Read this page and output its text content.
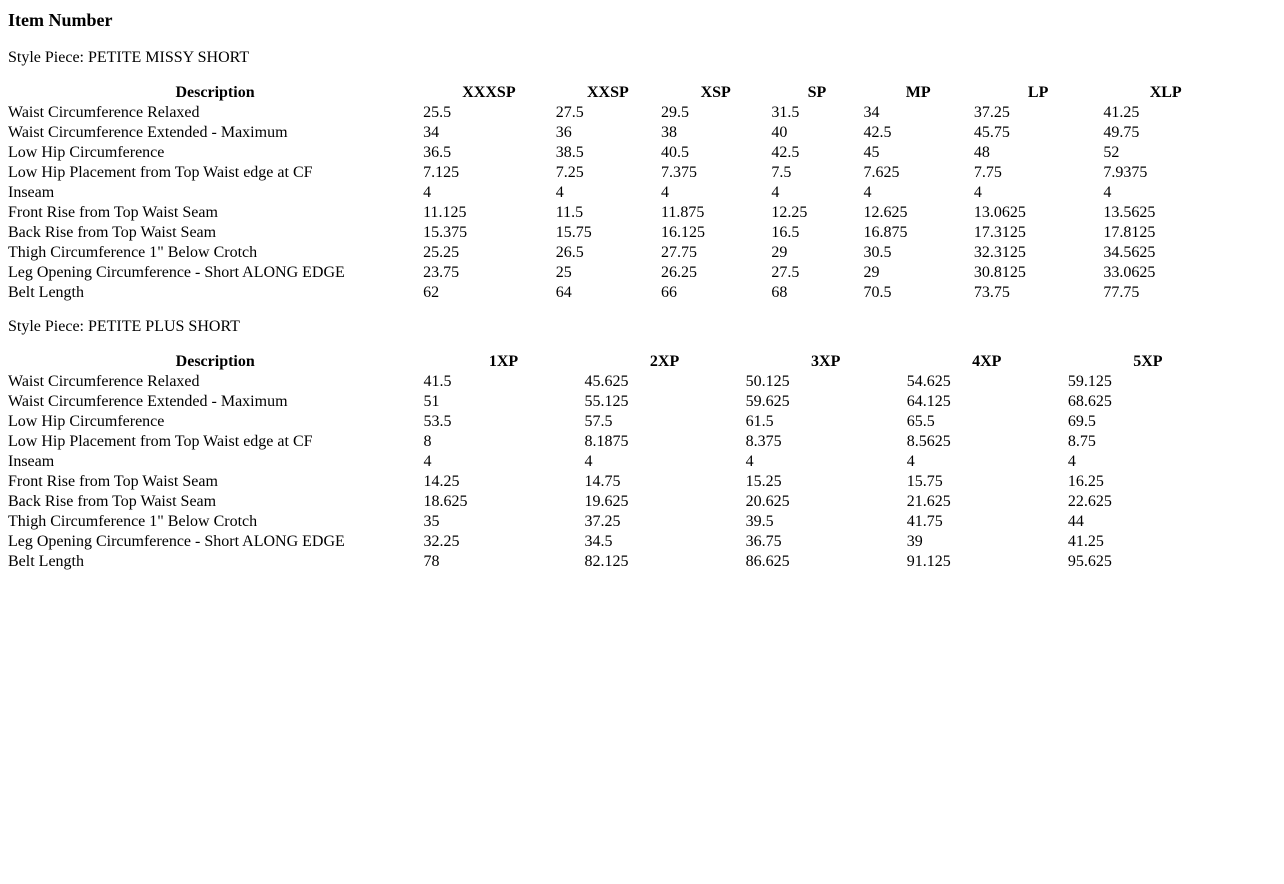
Item Number

Style Piece: PETITE MISSY SHORT

Description	XXXSP	XXSP	XSP	SP	MP	LP	XLP
Waist Circumference Relaxed	25.5	27.5	29.5	31.5	34	37.25	41.25
Waist Circumference Extended - Maximum	34	36	38	40	42.5	45.75	49.75
Low Hip Circumference	36.5	38.5	40.5	42.5	45	48	52
Low Hip Placement from Top Waist edge at CF	7.125	7.25	7.375	7.5	7.625	7.75	7.9375
Inseam	4	4	4	4	4	4	4
Front Rise from Top Waist Seam	11.125	11.5	11.875	12.25	12.625	13.0625	13.5625
Back Rise from Top Waist Seam	15.375	15.75	16.125	16.5	16.875	17.3125	17.8125
Thigh Circumference 1" Below Crotch	25.25	26.5	27.75	29	30.5	32.3125	34.5625
Leg Opening Circumference - Short ALONG EDGE	23.75	25	26.25	27.5	29	30.8125	33.0625
Belt Length	62	64	66	68	70.5	73.75	77.75

Style Piece: PETITE PLUS SHORT

Description	1XP	2XP	3XP	4XP	5XP
Waist Circumference Relaxed	41.5	45.625	50.125	54.625	59.125
Waist Circumference Extended - Maximum	51	55.125	59.625	64.125	68.625
Low Hip Circumference	53.5	57.5	61.5	65.5	69.5
Low Hip Placement from Top Waist edge at CF	8	8.1875	8.375	8.5625	8.75
Inseam	4	4	4	4	4
Front Rise from Top Waist Seam	14.25	14.75	15.25	15.75	16.25
Back Rise from Top Waist Seam	18.625	19.625	20.625	21.625	22.625
Thigh Circumference 1" Below Crotch	35	37.25	39.5	41.75	44
Leg Opening Circumference - Short ALONG EDGE	32.25	34.5	36.75	39	41.25
Belt Length	78	82.125	86.625	91.125	95.625
